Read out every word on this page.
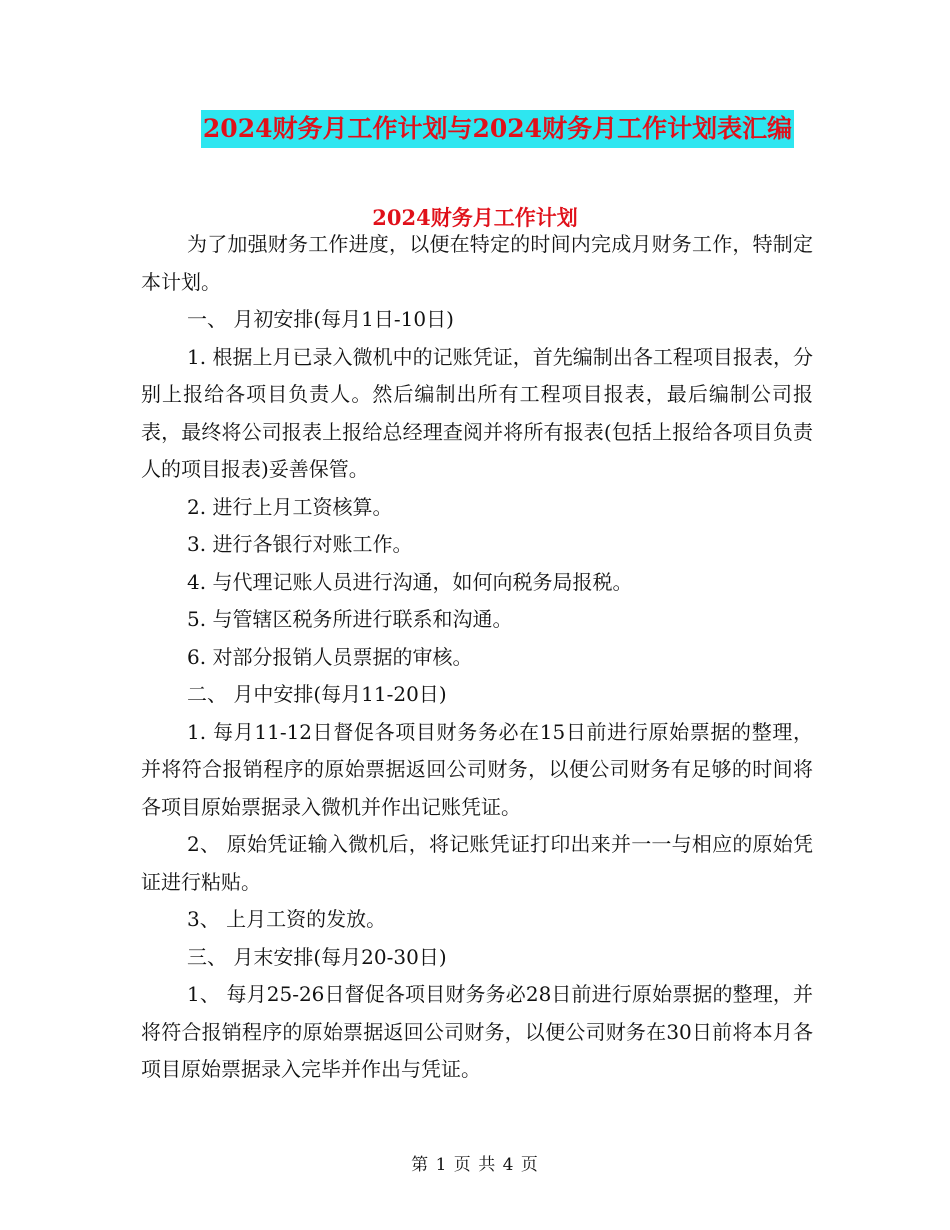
2024财务月工作计划与2024财务月工作计划表汇编
2024财务月工作计划

为了加强财务工作进度，以便在特定的时间内完成月财务工作，特制定本计划。

一、 月初安排(每月1日-10日)

1. 根据上月已录入微机中的记账凭证，首先编制出各工程项目报表，分别上报给各项目负责人。然后编制出所有工程项目报表，最后编制公司报表，最终将公司报表上报给总经理查阅并将所有报表(包括上报给各项目负责人的项目报表)妥善保管。

2. 进行上月工资核算。

3. 进行各银行对账工作。

4. 与代理记账人员进行沟通，如何向税务局报税。

5. 与管辖区税务所进行联系和沟通。

6. 对部分报销人员票据的审核。

二、 月中安排(每月11-20日)

1. 每月11-12日督促各项目财务务必在15日前进行原始票据的整理，并将符合报销程序的原始票据返回公司财务，以便公司财务有足够的时间将各项目原始票据录入微机并作出记账凭证。

2、 原始凭证输入微机后，将记账凭证打印出来并一一与相应的原始凭证进行粘贴。

3、 上月工资的发放。

三、 月末安排(每月20-30日)

1、 每月25-26日督促各项目财务务必28日前进行原始票据的整理，并将符合报销程序的原始票据返回公司财务，以便公司财务在30日前将本月各项目原始票据录入完毕并作出与凭证。

第 1 页 共 4 页
